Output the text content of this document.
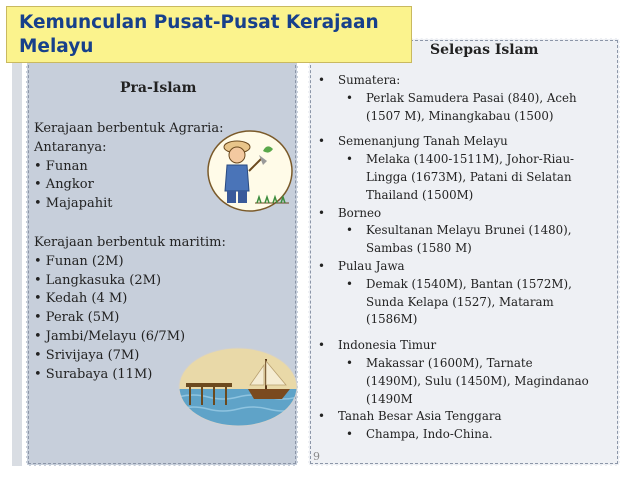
Kemunculan Pusat-Pusat Kerajaan
Melayu
Pra-Islam
Selepas Islam
Kerajaan berbentuk Agraria:
Antaranya:
• Funan
• Angkor
• Majapahit
Kerajaan berbentuk maritim:
• Funan (2M)
• Langkasuka (2M)
• Kedah (4 M)
• Perak (5M)
• Jambi/Melayu (6/7M)
• Srivijaya (7M)
• Surabaya (11M)
•	Sumatera:
•	Perlak Samudera Pasai (840), Aceh
(1507 M), Minangkabau (1500)
•	Semenanjung Tanah Melayu
•	Melaka (1400-1511M), Johor-Riau-
Lingga (1673M), Patani di Selatan
Thailand (1500M)
•	Borneo
•	Kesultanan Melayu Brunei (1480),
Sambas (1580 M)
•	Pulau Jawa
•	Demak (1540M), Bantan (1572M),
Sunda Kelapa (1527), Mataram
(1586M)
•	Indonesia Timur
•	Makassar (1600M), Tarnate
(1490M), Sulu (1450M), Magindanao
(1490M
•	Tanah Besar Asia Tenggara
•	Champa, Indo-China.
9
